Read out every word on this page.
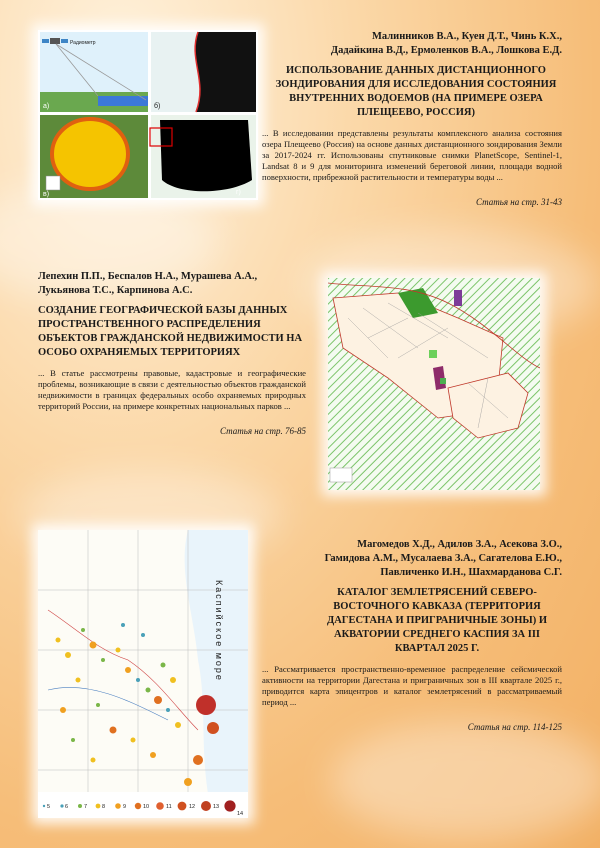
Радиометр
a)	б)
в)	г)
Малинников В.А., Куен Д.Т., Чинь К.Х.,
Дадайкина В.Д., Ермоленков В.А., Лошкова Е.Д.
ИСПОЛЬЗОВАНИЕ ДАННЫХ ДИСТАНЦИОННОГО ЗОНДИРОВАНИЯ ДЛЯ ИССЛЕДОВАНИЯ СОСТОЯНИЯ ВНУТРЕННИХ ВОДОЕМОВ (НА ПРИМЕРЕ ОЗЕРА ПЛЕЩЕЕВО, РОССИЯ)
... В исследовании представлены результаты комплексного анализа состояния озера Плещеево (Россия) на основе данных дистанционного зондирования Земли за 2017-2024 гг. Использованы спутниковые снимки PlanetScope, Sentinel-1, Landsat 8 и 9 для мониторинга изменений береговой линии, площади водной поверхности, прибрежной растительности и температуры воды ...
Статья на стр. 31-43
Лепехин П.П., Беспалов Н.А., Мурашева А.А.,
Лукьянова Т.С., Карпинова А.С.
СОЗДАНИЕ ГЕОГРАФИЧЕСКОЙ БАЗЫ ДАННЫХ ПРОСТРАНСТВЕННОГО РАСПРЕДЕЛЕНИЯ ОБЪЕКТОВ ГРАЖДАНСКОЙ НЕДВИЖИМОСТИ НА ОСОБО ОХРАНЯЕМЫХ ТЕРРИТОРИЯХ
... В статье рассмотрены правовые, кадастровые и географические проблемы, возникающие в связи с деятельностью объектов гражданской недвижимости в границах федеральных особо охраняемых природных территорий России, на примере конкретных национальных парков ...
Статья на стр. 76-85
Каспийское море
5	6	7	8	9	10	11	12	13
14
Магомедов Х.Д., Адилов З.А., Асекова З.О.,
Гамидова А.М., Мусалаева З.А., Сагателова Е.Ю.,
Павличенко И.Н., Шахмарданова С.Г.
КАТАЛОГ ЗЕМЛЕТРЯСЕНИЙ СЕВЕРО-ВОСТОЧНОГО КАВКАЗА (ТЕРРИТОРИЯ ДАГЕСТАНА И ПРИГРАНИЧНЫЕ ЗОНЫ) И АКВАТОРИИ СРЕДНЕГО КАСПИЯ ЗА III КВАРТАЛ 2025 Г.
... Рассматривается пространственно-временное распределение сейсмической активности на территории Дагестана и приграничных зон в III квартале 2025 г., приводится карта эпицентров и каталог землетрясений в рассматриваемый период ...
Статья на стр. 114-125
